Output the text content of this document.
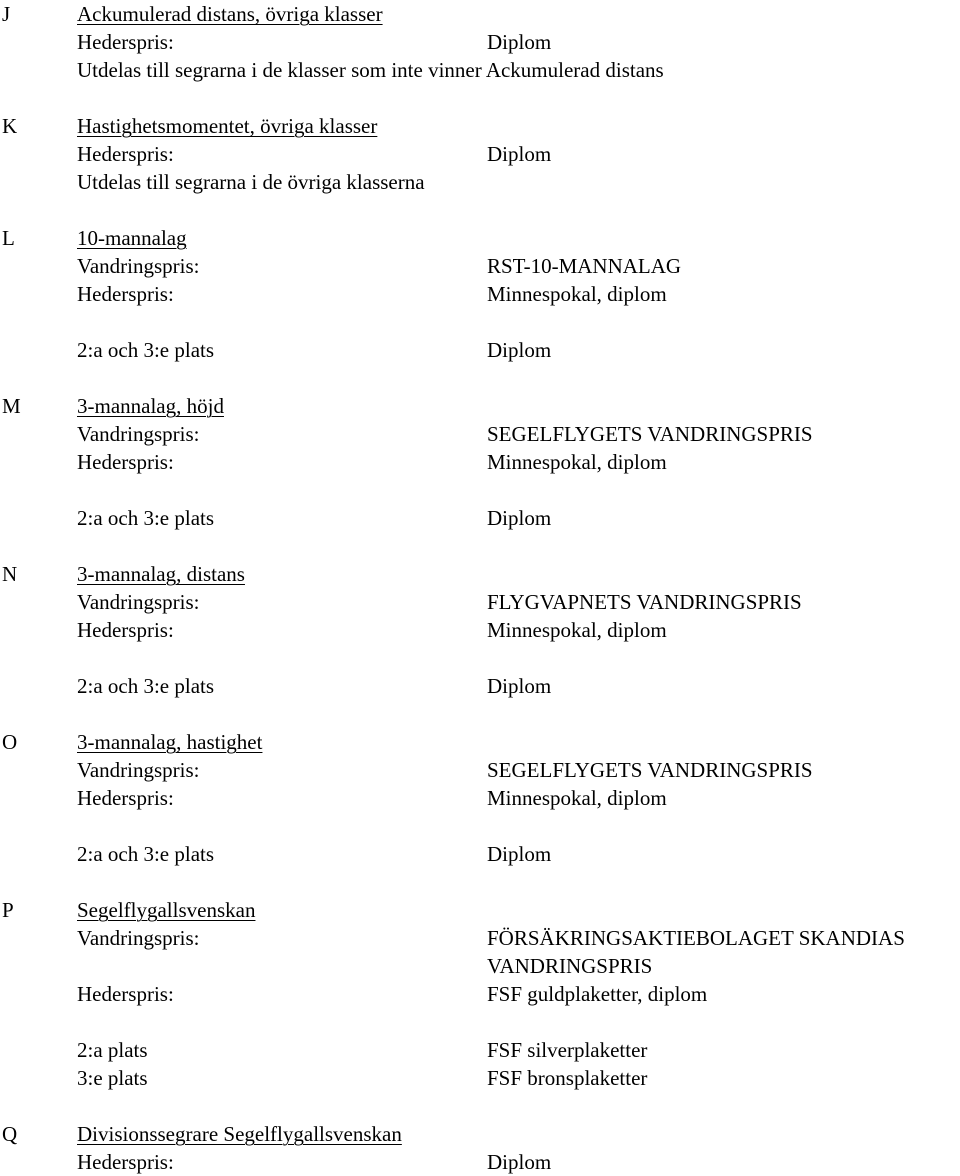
J	Ackumulerad distans, övriga klasser
Hederspris:	Diplom
Utdelas till segrarna i de klasser som inte vinner Ackumulerad distans
K	Hastighetsmomentet, övriga klasser
Hederspris:	Diplom
Utdelas till segrarna i de övriga klasserna
L	10-mannalag
Vandringspris:	RST-10-MANNALAG
Hederspris:	Minnespokal, diplom
2:a och 3:e plats	Diplom
M	3-mannalag, höjd
Vandringspris:	SEGELFLYGETS VANDRINGSPRIS
Hederspris:	Minnespokal, diplom
2:a och 3:e plats	Diplom
N	3-mannalag, distans
Vandringspris:	FLYGVAPNETS VANDRINGSPRIS
Hederspris:	Minnespokal, diplom
2:a och 3:e plats	Diplom
O	3-mannalag, hastighet
Vandringspris:	SEGELFLYGETS VANDRINGSPRIS
Hederspris:	Minnespokal, diplom
2:a och 3:e plats	Diplom
P	Segelflygallsvenskan
Vandringspris:	FÖRSÄKRINGSAKTIEBOLAGET SKANDIAS
VANDRINGSPRIS
Hederspris:	FSF guldplaketter, diplom
2:a plats	FSF silverplaketter
3:e plats	FSF bronsplaketter
Q	Divisionssegrare Segelflygallsvenskan
Hederspris:	Diplom
